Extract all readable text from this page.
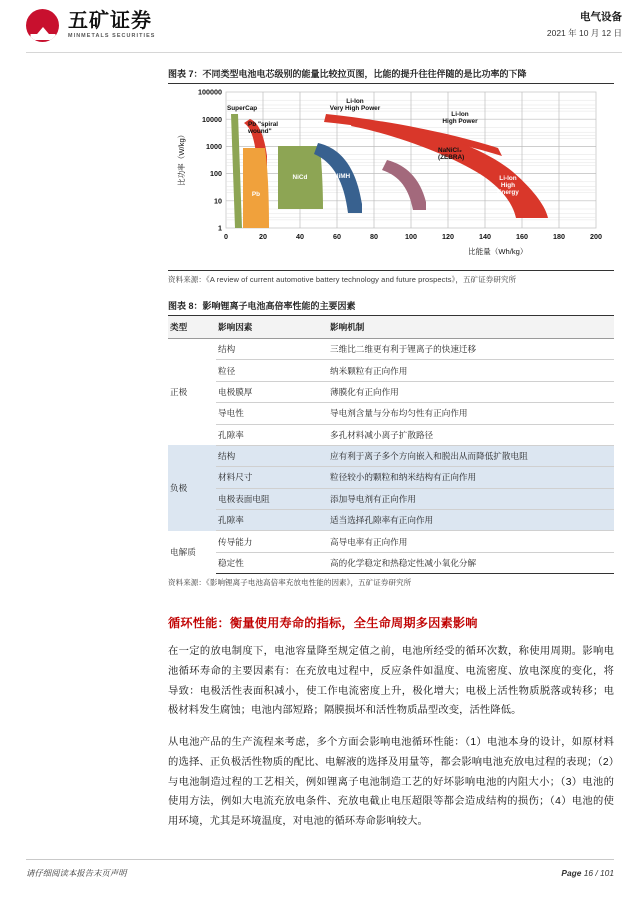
五矿证券
MINMETALS SECURITIES
电气设备
2021 年 10 月 12 日
图表 7：不同类型电池电芯级别的能量比较拉页图，比能的提升往往伴随的是比功率的下降
100000
10000
1000
100
10
1
0	20	40	60	80	100	120	140	160	180	200
比功率（W/kg）
比能量（Wh/kg）
SuperCap
Pb "spiral
wound"
Li-Ion
Very High Power
Li-Ion
High Power
NaNiCl₂
(ZEBRA)
Pb
NiCd	NiMH	Li-Ion
High
Energy
资料来源：《A review of current automotive battery technology and future prospects》，五矿证券研究所
图表 8：影响锂离子电池高倍率性能的主要因素
类型	影响因素	影响机制
正极	结构	三维比二维更有利于锂离子的快速迁移
	粒径	纳米颗粒有正向作用
	电极膜厚	薄膜化有正向作用
	导电性	导电剂含量与分布均匀性有正向作用
	孔隙率	多孔材料减小离子扩散路径
负极	结构	应有利于离子多个方向嵌入和脱出从而降低扩散电阻
	材料尺寸	粒径较小的颗粒和纳米结构有正向作用
	电极表面电阻	添加导电剂有正向作用
	孔隙率	适当选择孔隙率有正向作用
电解质	传导能力	高导电率有正向作用
	稳定性	高的化学稳定和热稳定性减小氧化分解
资料来源：《影响锂离子电池高倍率充放电性能的因素》，五矿证券研究所
循环性能：衡量使用寿命的指标，全生命周期多因素影响

在一定的放电制度下，电池容量降至规定值之前，电池所经受的循环次数，称使用周期。影响电池循环寿命的主要因素有：在充放电过程中，反应条件如温度、电流密度、放电深度的变化，将导致：电极活性表面积减小，使工作电流密度上升，极化增大；电极上活性物质脱落或转移；电极材料发生腐蚀；电池内部短路；隔膜损坏和活性物质晶型改变，活性降低。

从电池产品的生产流程来考虑，多个方面会影响电池循环性能：（1）电池本身的设计，如原材料的选择、正负极活性物质的配比、电解液的选择及用量等，都会影响电池充放电过程的表现；（2）与电池制造过程的工艺相关，例如锂离子电池制造工艺的好坏影响电池的内阻大小；（3）电池的使用方法，例如大电流充放电条件、充放电截止电压超限等都会造成结构的损伤；（4）电池的使用环境，尤其是环境温度，对电池的循环寿命影响较大。

请仔细阅读本报告末页声明	Page 16 / 101
